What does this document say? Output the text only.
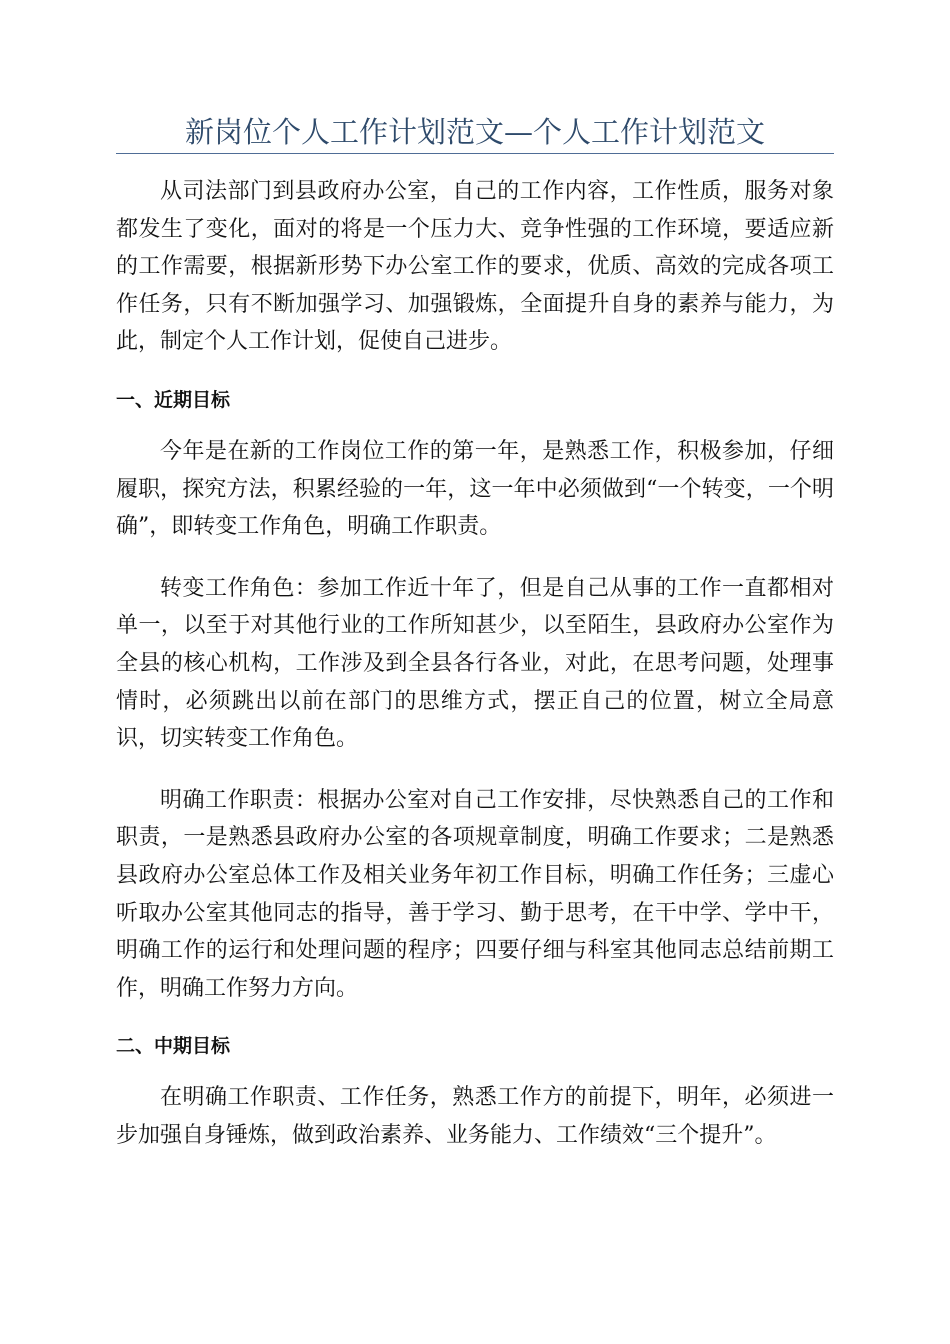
新岗位个人工作计划范文—个人工作计划范文

从司法部门到县政府办公室，自己的工作内容，工作性质，服务对象都发生了变化，面对的将是一个压力大、竞争性强的工作环境，要适应新的工作需要，根据新形势下办公室工作的要求，优质、高效的完成各项工作任务，只有不断加强学习、加强锻炼，全面提升自身的素养与能力，为此，制定个人工作计划，促使自己进步。

一、近期目标

今年是在新的工作岗位工作的第一年，是熟悉工作，积极参加，仔细履职，探究方法，积累经验的一年，这一年中必须做到“一个转变，一个明确”，即转变工作角色，明确工作职责。

转变工作角色：参加工作近十年了，但是自己从事的工作一直都相对单一，以至于对其他行业的工作所知甚少，以至陌生，县政府办公室作为全县的核心机构，工作涉及到全县各行各业，对此，在思考问题，处理事情时，必须跳出以前在部门的思维方式，摆正自己的位置，树立全局意识，切实转变工作角色。

明确工作职责：根据办公室对自己工作安排，尽快熟悉自己的工作和职责，一是熟悉县政府办公室的各项规章制度，明确工作要求；二是熟悉县政府办公室总体工作及相关业务年初工作目标，明确工作任务；三虚心听取办公室其他同志的指导，善于学习、勤于思考，在干中学、学中干，明确工作的运行和处理问题的程序；四要仔细与科室其他同志总结前期工作，明确工作努力方向。

二、中期目标

在明确工作职责、工作任务，熟悉工作方的前提下，明年，必须进一步加强自身锤炼，做到政治素养、业务能力、工作绩效“三个提升”。
